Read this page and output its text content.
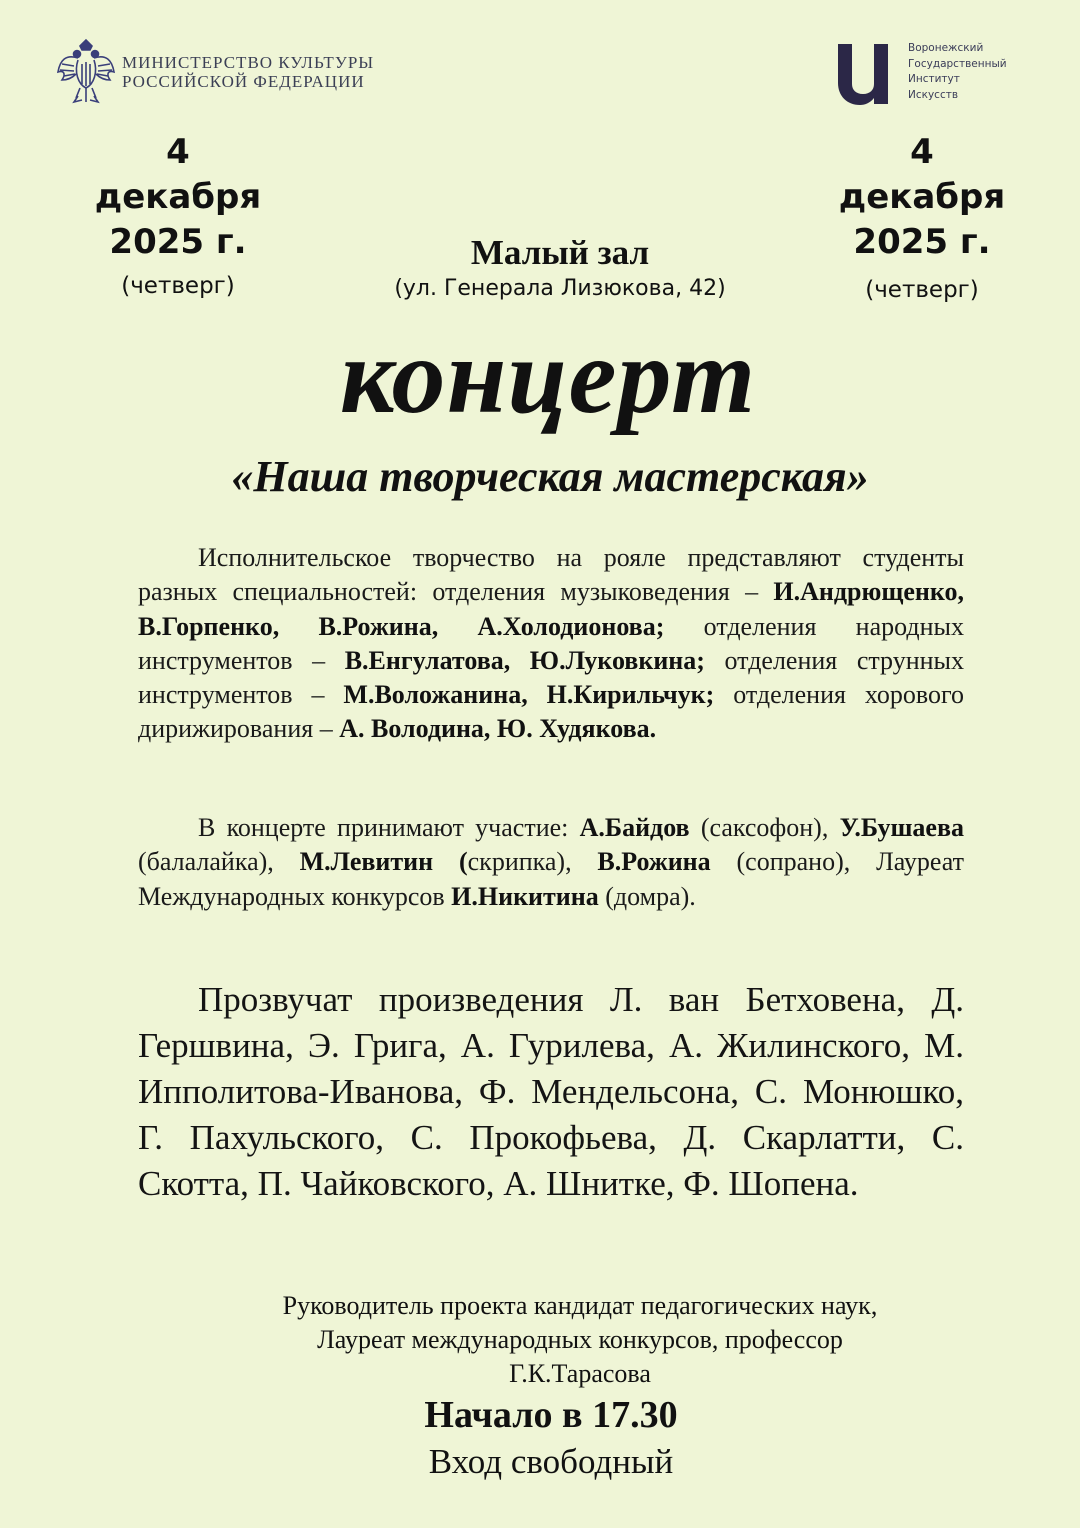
МИНИСТЕРСТВО КУЛЬТУРЫ
РОССИЙСКОЙ ФЕДЕРАЦИИ
Воронежский
Государственный
Институт
Искусств
4
декабря
2025 г.
(четверг)
4
декабря
2025 г.
(четверг)
Малый зал
(ул. Генерала Лизюкова, 42)
концерт
«Наша творческая мастерская»
Исполнительское творчество на рояле представляют студенты разных специальностей: отделения музыковедения – И.Андрющенко, В.Горпенко, В.Рожина, А.Холодионова; отделения народных инструментов – В.Енгулатова, Ю.Луковкина; отделения струнных инструментов – М.Воложанина, Н.Кирильчук; отделения хорового дирижирования – А. Володина, Ю. Худякова.
В концерте принимают участие: А.Байдов (саксофон), У.Бушаева (балалайка), М.Левитин (скрипка), В.Рожина (сопрано), Лауреат Международных конкурсов И.Никитина (домра).
Прозвучат произведения Л. ван Бетховена, Д. Гершвина, Э. Грига, А. Гурилева, А. Жилинского, М. Ипполитова-Иванова, Ф. Мендельсона, С. Монюшко, Г. Пахульского, С. Прокофьева, Д. Скарлатти, С. Скотта, П. Чайковского, А. Шнитке, Ф. Шопена.
Руководитель проекта кандидат педагогических наук,
Лауреат международных конкурсов, профессор
Г.К.Тарасова
Начало в 17.30
Вход свободный
